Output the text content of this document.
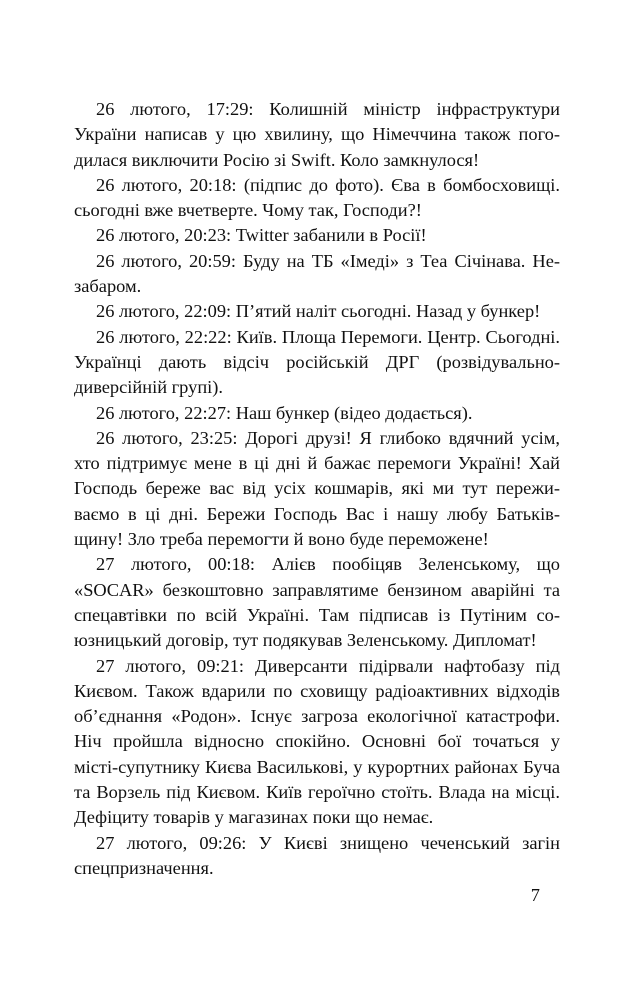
26 лютого, 17:29: Колишній міністр інфраструктури України написав у цю хвилину, що Німеччина також погодилася виключити Росію зі Swift. Коло замкнулося!

26 лютого, 20:18: (підпис до фото). Єва в бомбосховищі. сьогодні вже вчетверте. Чому так, Господи?!

26 лютого, 20:23: Twitter забанили в Росії!

26 лютого, 20:59: Буду на ТБ «Імеді» з Теа Січінава. Незабаром.

26 лютого, 22:09: П’ятий наліт сьогодні. Назад у бункер!

26 лютого, 22:22: Київ. Площа Перемоги. Центр. Сьогодні. Українці дають відсіч російській ДРГ (розвідувально-диверсійній групі).

26 лютого, 22:27: Наш бункер (відео додається).

26 лютого, 23:25: Дорогі друзі! Я глибоко вдячний усім, хто підтримує мене в ці дні й бажає перемоги Україні! Хай Господь береже вас від усіх кошмарів, які ми тут переживаємо в ці дні. Бережи Господь Вас і нашу любу Батьківщину! Зло треба перемогти й воно буде переможене!

27 лютого, 00:18: Алієв пообіцяв Зеленському, що «SOCAR» безкоштовно заправлятиме бензином аварійні та спецавтівки по всій Україні. Там підписав із Путіним союзницький договір, тут подякував Зеленському. Дипломат!

27 лютого, 09:21: Диверсанти підірвали нафтобазу під Києвом. Також вдарили по сховищу радіоактивних відходів об’єднання «Родон». Існує загроза екологічної катастрофи. Ніч пройшла відносно спокійно. Основні бої точаться у місті-супутнику Києва Василькові, у курортних районах Буча та Ворзель під Києвом. Київ героїчно стоїть. Влада на місці. Дефіциту товарів у магазинах поки що немає.

27 лютого, 09:26: У Києві знищено чеченський загін спецпризначення.

7
